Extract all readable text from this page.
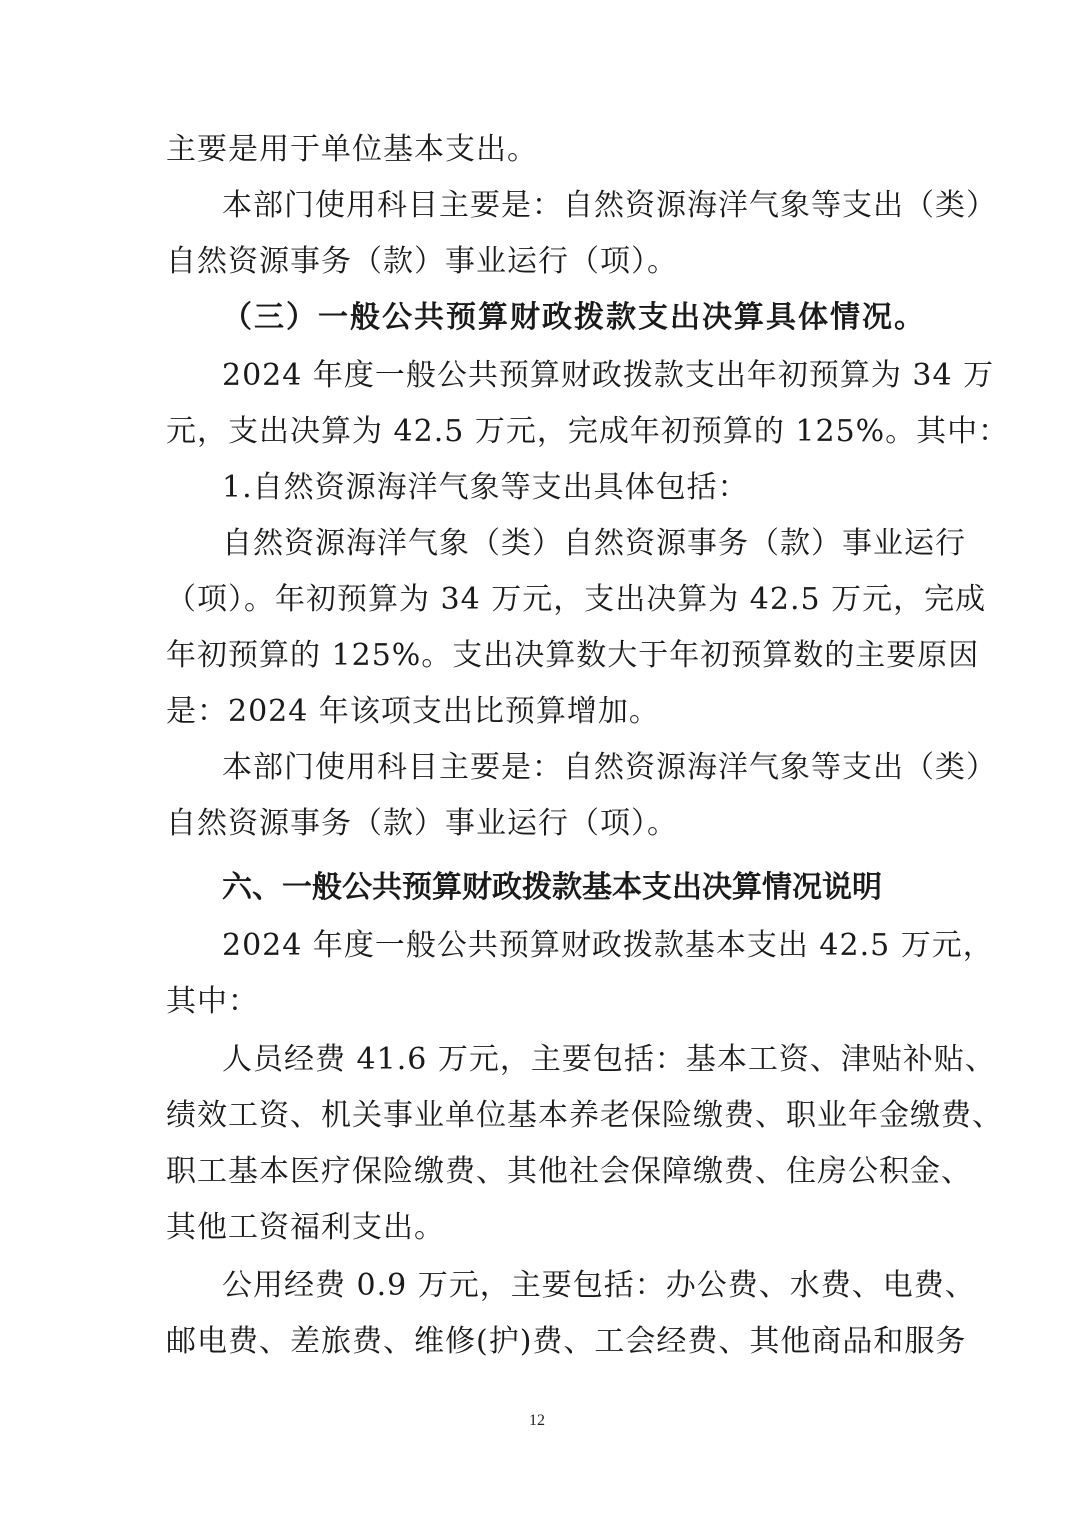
主要是用于单位基本支出。
本部门使用科目主要是：自然资源海洋气象等支出（类）
自然资源事务（款）事业运行（项）。
（三）一般公共预算财政拨款支出决算具体情况。
2024 年度一般公共预算财政拨款支出年初预算为 34 万
元，支出决算为 42.5 万元，完成年初预算的 125%。其中：
1.自然资源海洋气象等支出具体包括：
自然资源海洋气象（类）自然资源事务（款）事业运行
（项）。年初预算为 34 万元，支出决算为 42.5 万元，完成
年初预算的 125%。支出决算数大于年初预算数的主要原因
是：2024 年该项支出比预算增加。
本部门使用科目主要是：自然资源海洋气象等支出（类）
自然资源事务（款）事业运行（项）。
六、一般公共预算财政拨款基本支出决算情况说明
2024 年度一般公共预算财政拨款基本支出 42.5 万元，
其中：
人员经费 41.6 万元，主要包括：基本工资、津贴补贴、
绩效工资、机关事业单位基本养老保险缴费、职业年金缴费、
职工基本医疗保险缴费、其他社会保障缴费、住房公积金、
其他工资福利支出。
公用经费 0.9 万元，主要包括：办公费、水费、电费、
邮电费、差旅费、维修(护)费、工会经费、其他商品和服务
12
